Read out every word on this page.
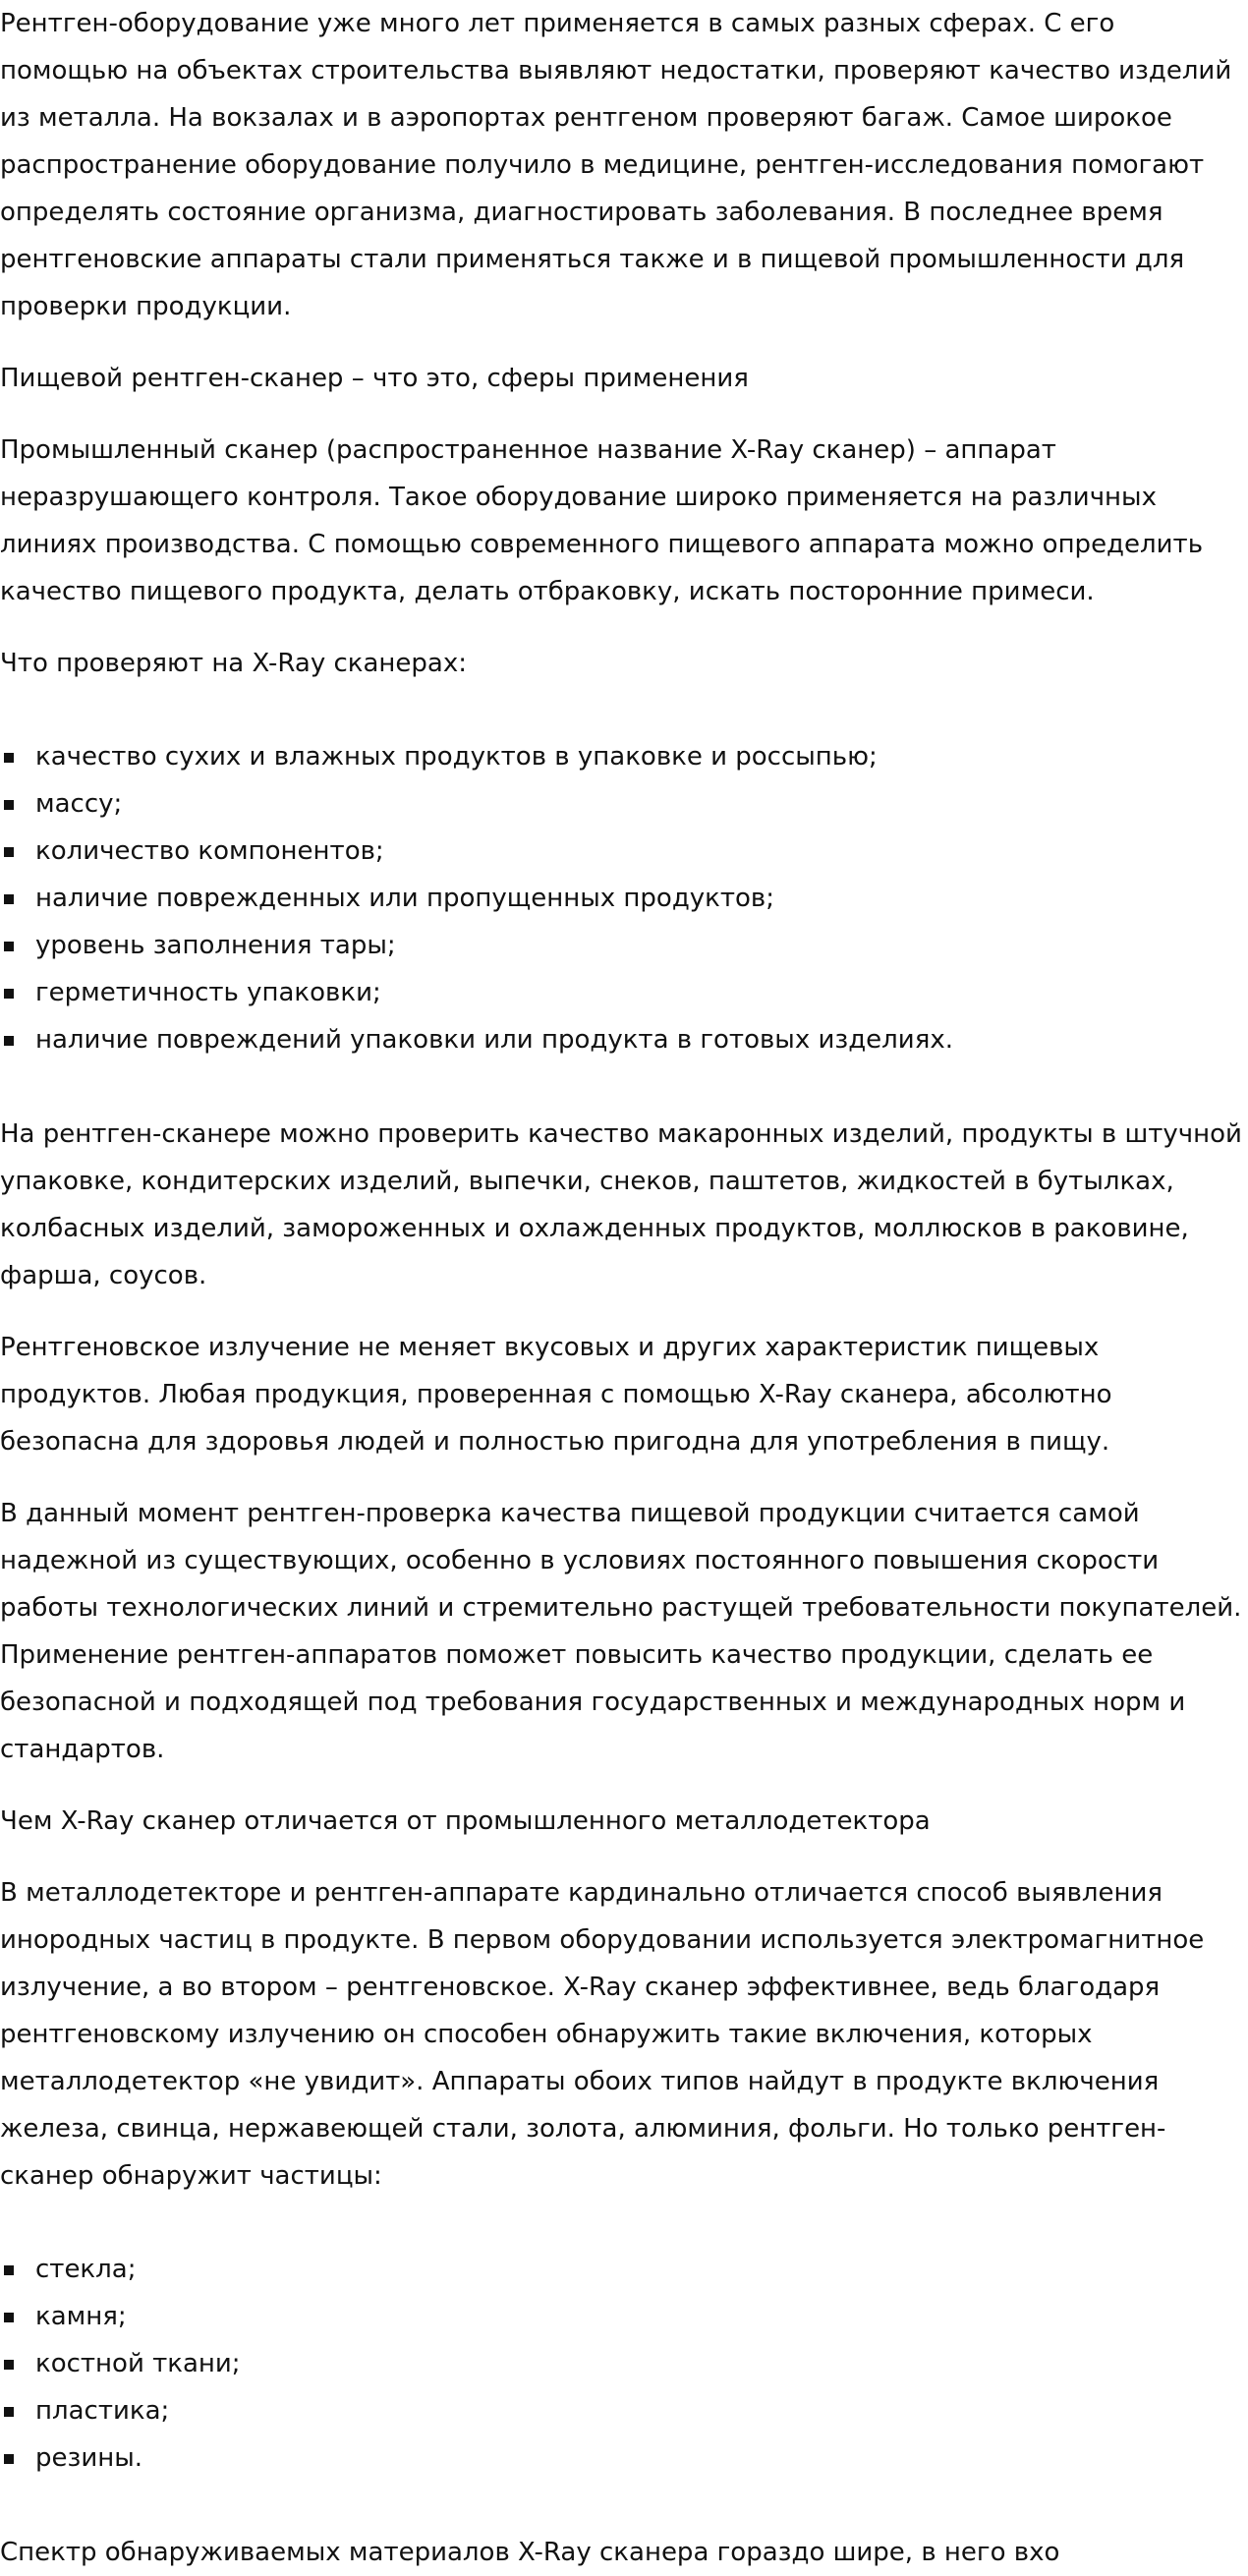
Рентген-оборудование уже много лет применяется в самых разных сферах. С его помощью на объектах строительства выявляют недостатки, проверяют качество изделий из металла. На вокзалах и в аэропортах рентгеном проверяют багаж. Самое широкое распространение оборудование получило в медицине, рентген-исследования помогают определять состояние организма, диагностировать заболевания. В последнее время рентгеновские аппараты стали применяться также и в пищевой промышленности для проверки продукции.

Пищевой рентген-сканер – что это, сферы применения

Промышленный сканер (распространенное название X-Ray сканер) – аппарат неразрушающего контроля. Такое оборудование широко применяется на различных линиях производства. С помощью современного пищевого аппарата можно определить качество пищевого продукта, делать отбраковку, искать посторонние примеси.

Что проверяют на X-Ray сканерах:

качество сухих и влажных продуктов в упаковке и россыпью;
массу;
количество компонентов;
наличие поврежденных или пропущенных продуктов;
уровень заполнения тары;
герметичность упаковки;
наличие повреждений упаковки или продукта в готовых изделиях.

На рентген-сканере можно проверить качество макаронных изделий, продукты в штучной упаковке, кондитерских изделий, выпечки, снеков, паштетов, жидкостей в бутылках, колбасных изделий, замороженных и охлажденных продуктов, моллюсков в раковине, фарша, соусов.

Рентгеновское излучение не меняет вкусовых и других характеристик пищевых продуктов. Любая продукция, проверенная с помощью X-Ray сканера, абсолютно безопасна для здоровья людей и полностью пригодна для употребления в пищу.

В данный момент рентген-проверка качества пищевой продукции считается самой надежной из существующих, особенно в условиях постоянного повышения скорости работы технологических линий и стремительно растущей требовательности покупателей. Применение рентген-аппаратов поможет повысить качество продукции, сделать ее безопасной и подходящей под требования государственных и международных норм и стандартов.

Чем X-Ray сканер отличается от промышленного металлодетектора

В металлодетекторе и рентген-аппарате кардинально отличается способ выявления инородных частиц в продукте. В первом оборудовании используется электромагнитное излучение, а во втором – рентгеновское. X-Ray сканер эффективнее, ведь благодаря рентгеновскому излучению он способен обнаружить такие включения, которых металлодетектор «не увидит». Аппараты обоих типов найдут в продукте включения железа, свинца, нержавеющей стали, золота, алюминия, фольги. Но только рентген-сканер обнаружит частицы:

стекла;
камня;
костной ткани;
пластика;
резины.

Спектр обнаруживаемых материалов X-Ray сканера гораздо шире, в него вхо
